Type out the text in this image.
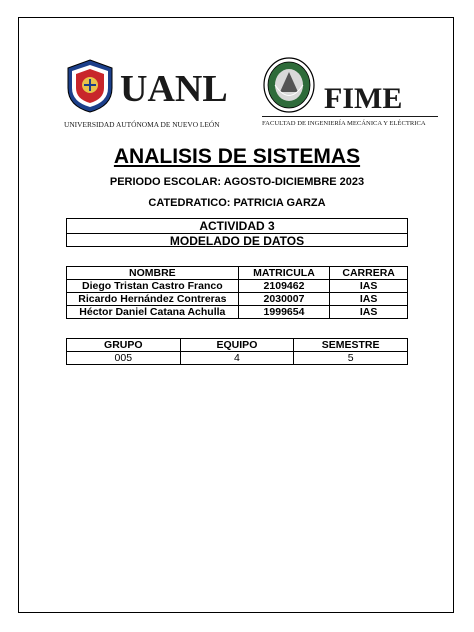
UANL
UNIVERSIDAD AUTÓNOMA DE NUEVO LEÓN
FIME
FACULTAD DE INGENIERÍA MECÁNICA Y ELÉCTRICA
ANALISIS DE SISTEMAS
PERIODO ESCOLAR: AGOSTO-DICIEMBRE 2023
CATEDRATICO: PATRICIA GARZA
ACTIVIDAD 3
MODELADO DE DATOS
NOMBRE	MATRICULA	CARRERA
Diego Tristan Castro Franco	2109462	IAS
Ricardo Hernández Contreras	2030007	IAS
Héctor Daniel Catana Achulla	1999654	IAS
GRUPO	EQUIPO	SEMESTRE
005	4	5
